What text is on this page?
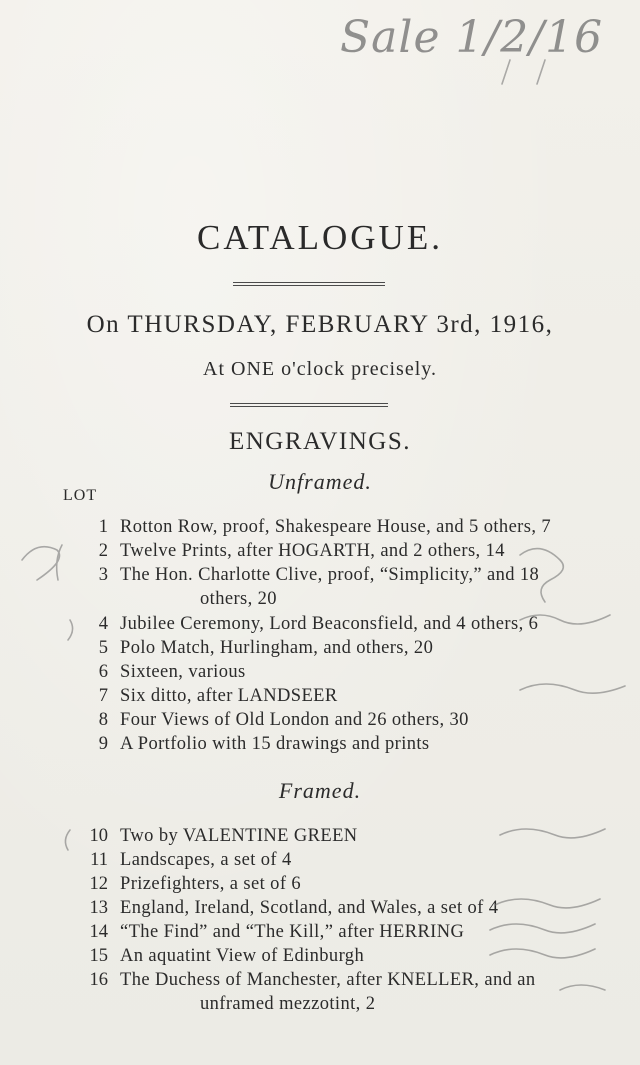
Sale 1/2/16
CATALOGUE.
On THURSDAY, FEBRUARY 3rd, 1916,
At ONE o'clock precisely.
ENGRAVINGS.
Unframed.
LOT
1 Rotton Row, proof, Shakespeare House, and 5 others, 7
2 Twelve Prints, after HOGARTH, and 2 others, 14
3 The Hon. Charlotte Clive, proof, “Simplicity,” and 18
others, 20
4 Jubilee Ceremony, Lord Beaconsfield, and 4 others, 6
5 Polo Match, Hurlingham, and others, 20
6 Sixteen, various
7 Six ditto, after LANDSEER
8 Four Views of Old London and 26 others, 30
9 A Portfolio with 15 drawings and prints
Framed.
10 Two by VALENTINE GREEN
11 Landscapes, a set of 4
12 Prizefighters, a set of 6
13 England, Ireland, Scotland, and Wales, a set of 4
14 “The Find” and “The Kill,” after HERRING
15 An aquatint View of Edinburgh
16 The Duchess of Manchester, after KNELLER, and an
unframed mezzotint, 2
